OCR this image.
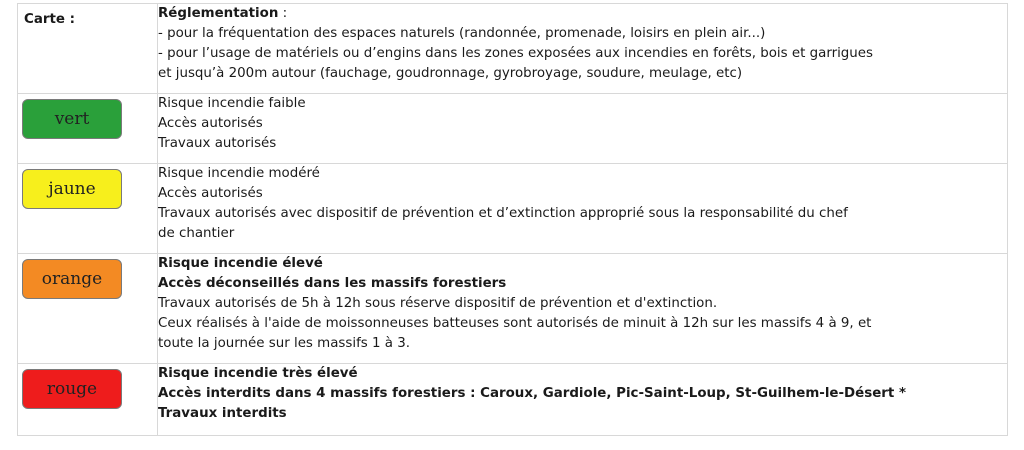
Carte :	Réglementation :
- pour la fréquentation des espaces naturels (randonnée, promenade, loisirs en plein air...)
- pour l’usage de matériels ou d’engins dans les zones exposées aux incendies en forêts, bois et garrigues
et jusqu’à 200m autour (fauchage, goudronnage, gyrobroyage, soudure, meulage, etc)

vert	Risque incendie faible
Accès autorisés
Travaux autorisés

jaune	Risque incendie modéré
Accès autorisés
Travaux autorisés avec dispositif de prévention et d’extinction approprié sous la responsabilité du chef
de chantier

orange	Risque incendie élevé
Accès déconseillés dans les massifs forestiers
Travaux autorisés de 5h à 12h sous réserve dispositif de prévention et d'extinction.
Ceux réalisés à l'aide de moissonneuses batteuses sont autorisés de minuit à 12h sur les massifs 4 à 9, et
toute la journée sur les massifs 1 à 3.

rouge	Risque incendie très élevé
Accès interdits dans 4 massifs forestiers : Caroux, Gardiole, Pic-Saint-Loup, St-Guilhem-le-Désert *
Travaux interdits
